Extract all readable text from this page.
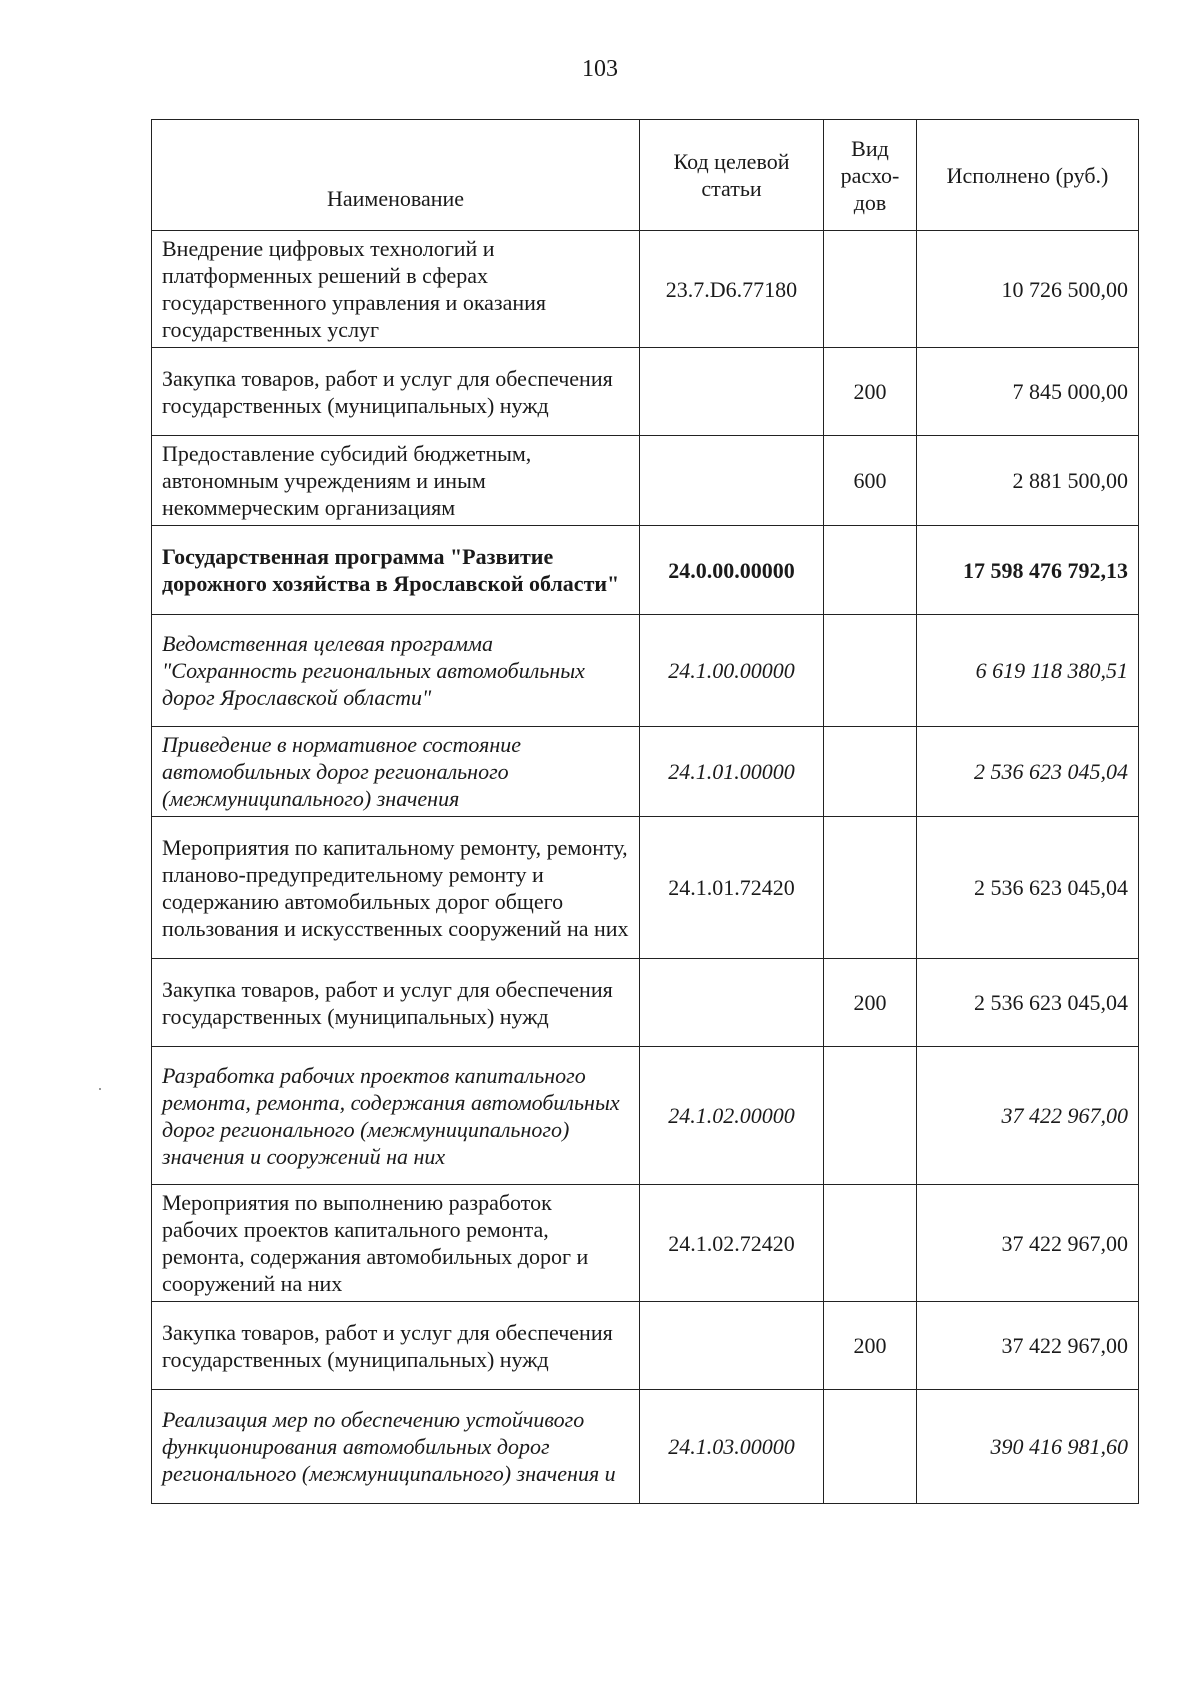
103
Наименование	Код целевой статьи	Вид расхо-дов	Исполнено (руб.)
Внедрение цифровых технологий и платформенных решений в сферах государственного управления и оказания государственных услуг	23.7.D6.77180		10 726 500,00
Закупка товаров, работ и услуг для обеспечения государственных (муниципальных) нужд		200	7 845 000,00
Предоставление субсидий бюджетным, автономным учреждениям и иным некоммерческим организациям		600	2 881 500,00
Государственная программа "Развитие дорожного хозяйства в Ярославской области"	24.0.00.00000		17 598 476 792,13
Ведомственная целевая программа "Сохранность региональных автомобильных дорог Ярославской области"	24.1.00.00000		6 619 118 380,51
Приведение в нормативное состояние автомобильных дорог регионального (межмуниципального) значения	24.1.01.00000		2 536 623 045,04
Мероприятия по капитальному ремонту, ремонту, планово-предупредительному ремонту и содержанию автомобильных дорог общего пользования и искусственных сооружений на них	24.1.01.72420		2 536 623 045,04
Закупка товаров, работ и услуг для обеспечения государственных (муниципальных) нужд		200	2 536 623 045,04
Разработка рабочих проектов капитального ремонта, ремонта, содержания автомобильных дорог регионального (межмуниципального) значения и сооружений на них	24.1.02.00000		37 422 967,00
Мероприятия по выполнению разработок рабочих проектов капитального ремонта, ремонта, содержания автомобильных дорог и сооружений на них	24.1.02.72420		37 422 967,00
Закупка товаров, работ и услуг для обеспечения государственных (муниципальных) нужд		200	37 422 967,00
Реализация мер по обеспечению устойчивого функционирования автомобильных дорог регионального (межмуниципального) значения и	24.1.03.00000		390 416 981,60
